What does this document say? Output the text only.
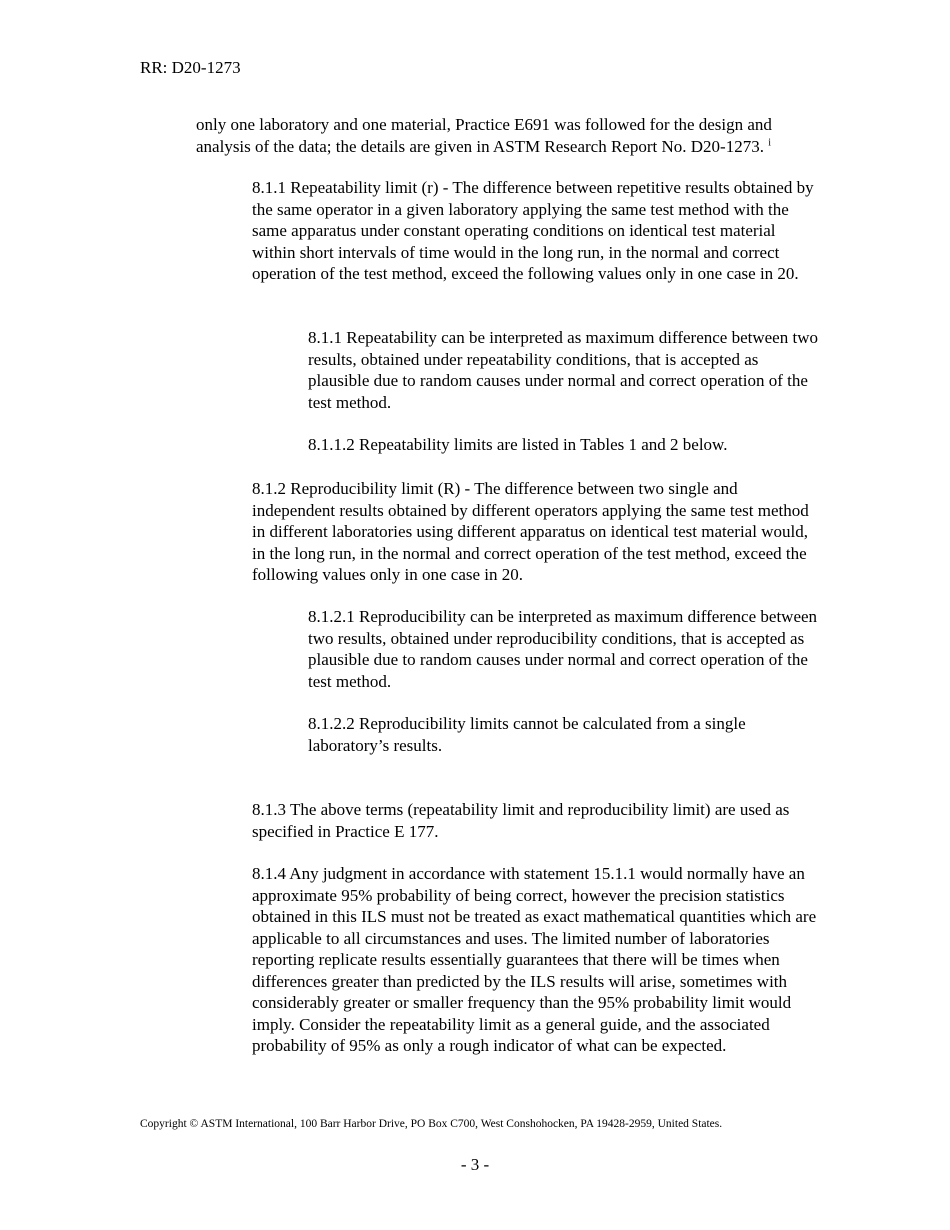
RR: D20-1273

only one laboratory and one material, Practice E691 was followed for the design and analysis of the data; the details are given in ASTM Research Report No. D20-1273. $^i$

8.1.1 Repeatability limit (r) - The difference between repetitive results obtained by the same operator in a given laboratory applying the same test method with the same apparatus under constant operating conditions on identical test material within short intervals of time would in the long run, in the normal and correct operation of the test method, exceed the following values only in one case in 20.

8.1.1 Repeatability can be interpreted as maximum difference between two results, obtained under repeatability conditions, that is accepted as plausible due to random causes under normal and correct operation of the test method.

8.1.1.2 Repeatability limits are listed in Tables 1 and 2 below.

8.1.2 Reproducibility limit (R) - The difference between two single and independent results obtained by different operators applying the same test method in different laboratories using different apparatus on identical test material would, in the long run, in the normal and correct operation of the test method, exceed the following values only in one case in 20.

8.1.2.1 Reproducibility can be interpreted as maximum difference between two results, obtained under reproducibility conditions, that is accepted as plausible due to random causes under normal and correct operation of the test method.

8.1.2.2 Reproducibility limits cannot be calculated from a single laboratory’s results.

8.1.3 The above terms (repeatability limit and reproducibility limit) are used as specified in Practice E 177.

8.1.4 Any judgment in accordance with statement 15.1.1 would normally have an approximate 95% probability of being correct, however the precision statistics obtained in this ILS must not be treated as exact mathematical quantities which are applicable to all circumstances and uses. The limited number of laboratories reporting replicate results essentially guarantees that there will be times when differences greater than predicted by the ILS results will arise, sometimes with considerably greater or smaller frequency than the 95% probability limit would imply. Consider the repeatability limit as a general guide, and the associated probability of 95% as only a rough indicator of what can be expected.

Copyright © ASTM International, 100 Barr Harbor Drive, PO Box C700, West Conshohocken, PA 19428-2959, United States.

- 3 -
